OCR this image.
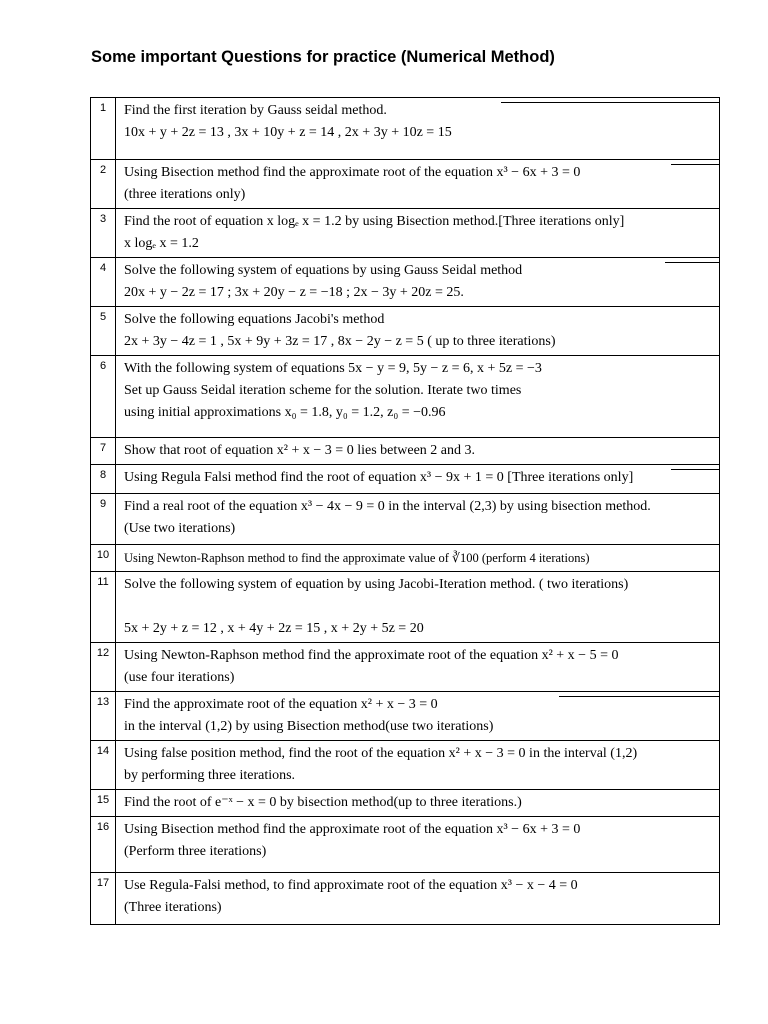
Some important Questions for practice (Numerical Method)
1	Find the first iteration by Gauss seidal method.
10x + y + 2z = 13 , 3x + 10y + z = 14 , 2x + 3y + 10z = 15

2	Using Bisection method find the approximate root of the equation x³ − 6x + 3 = 0
(three iterations only)

3	Find the root of equation x logₑ x = 1.2 by using Bisection method.[Three iterations only]
x logₑ x = 1.2

4	Solve the following system of equations by using Gauss Seidal method
20x + y − 2z = 17 ; 3x + 20y − z = −18 ; 2x − 3y + 20z = 25.

5	Solve the following equations Jacobi's method
2x + 3y − 4z = 1 , 5x + 9y + 3z = 17 , 8x − 2y − z = 5 ( up to three iterations)

6	With the following system of equations 5x − y = 9, 5y − z = 6, x + 5z = −3
Set up Gauss Seidal iteration scheme for the solution. Iterate two times
using initial approximations x₀ = 1.8, y₀ = 1.2, z₀ = −0.96

7	Show that root of equation x² + x − 3 = 0 lies between 2 and 3.

8	Using Regula Falsi method find the root of equation x³ − 9x + 1 = 0 [Three iterations only]

9	Find a real root of the equation x³ − 4x − 9 = 0 in the interval (2,3) by using bisection method.
(Use two iterations)

10	Using Newton-Raphson method to find the approximate value of ∛100 (perform 4 iterations)

11	Solve the following system of equation by using Jacobi-Iteration method. ( two iterations)

5x + 2y + z = 12 , x + 4y + 2z = 15 , x + 2y + 5z = 20

12	Using Newton-Raphson method find the approximate root of the equation x² + x − 5 = 0
(use four iterations)

13	Find the approximate root of the equation x² + x − 3 = 0
in the interval (1,2) by using Bisection method(use two iterations)

14	Using false position method, find the root of the equation x² + x − 3 = 0 in the interval (1,2)
by performing three iterations.

15	Find the root of e⁻ˣ − x = 0 by bisection method(up to three iterations.)

16	Using Bisection method find the approximate root of the equation x³ − 6x + 3 = 0
(Perform three iterations)

17	Use Regula-Falsi method, to find approximate root of the equation x³ − x − 4 = 0
(Three iterations)
